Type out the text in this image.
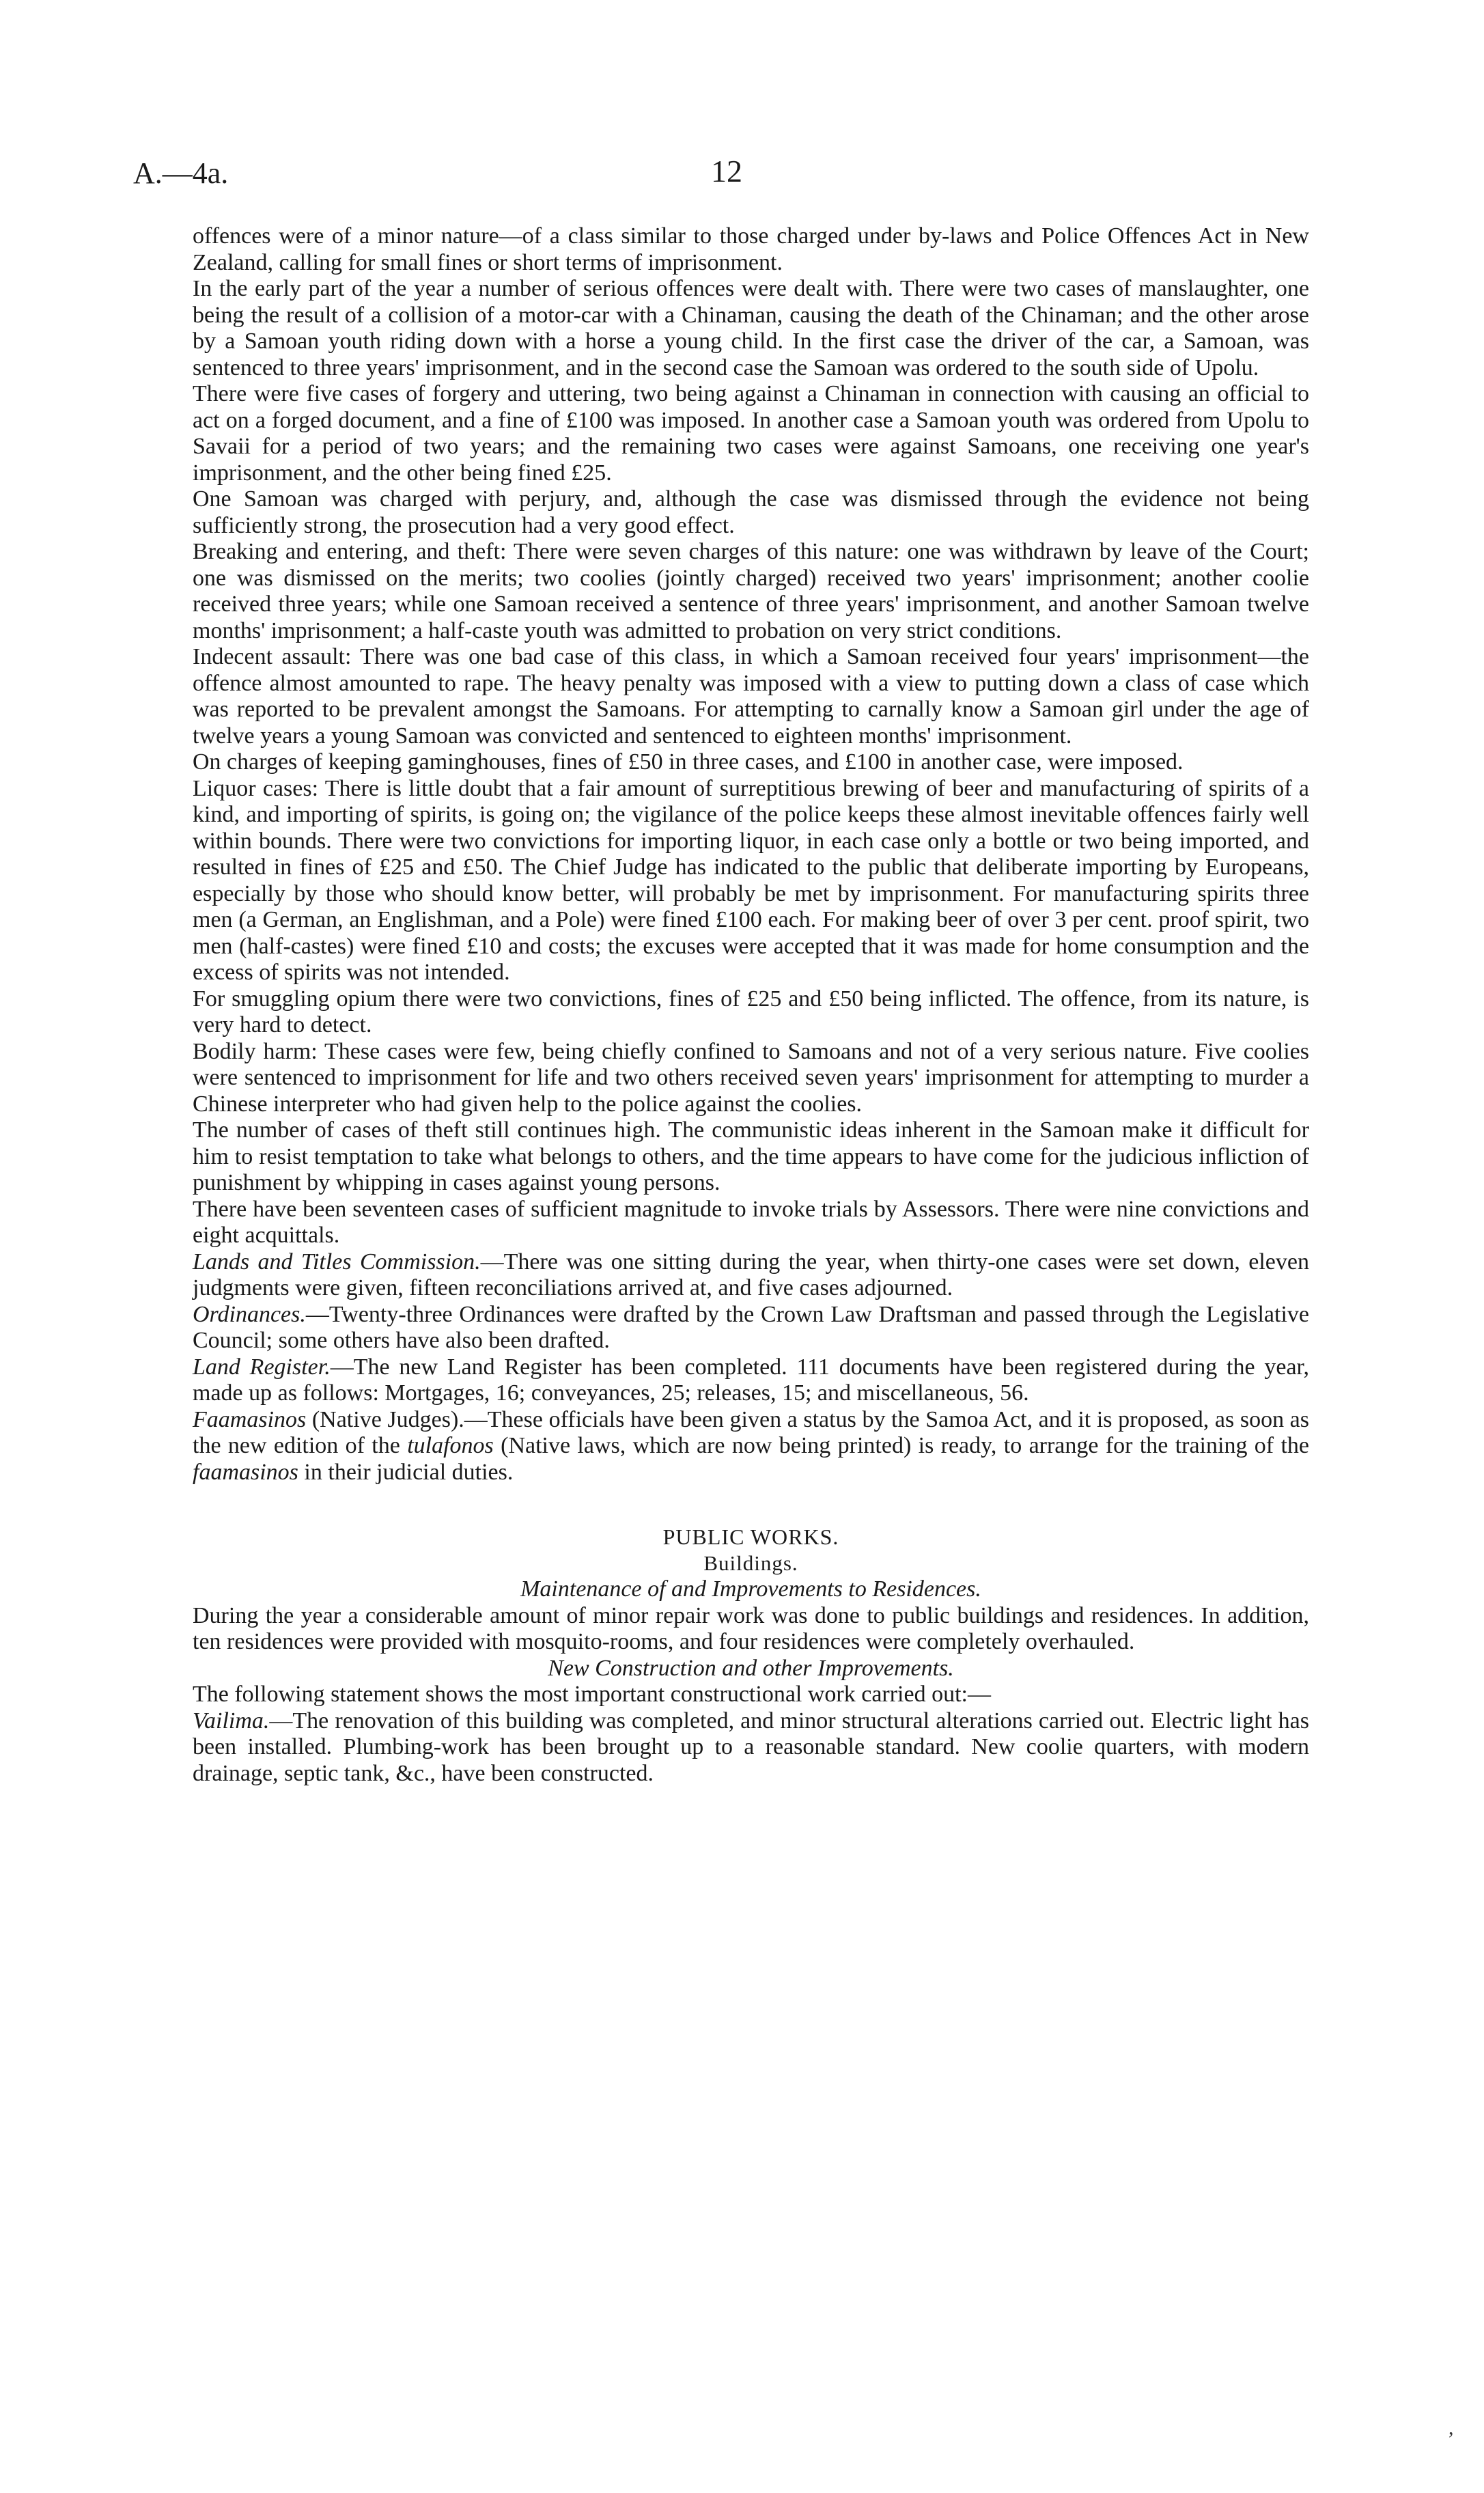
A.—4a.	12

offences were of a minor nature—of a class similar to those charged under by-laws and Police Offences Act in New Zealand, calling for small fines or short terms of imprisonment.

In the early part of the year a number of serious offences were dealt with. There were two cases of manslaughter, one being the result of a collision of a motor-car with a Chinaman, causing the death of the Chinaman; and the other arose by a Samoan youth riding down with a horse a young child. In the first case the driver of the car, a Samoan, was sentenced to three years' imprisonment, and in the second case the Samoan was ordered to the south side of Upolu.

There were five cases of forgery and uttering, two being against a Chinaman in connection with causing an official to act on a forged document, and a fine of £100 was imposed. In another case a Samoan youth was ordered from Upolu to Savaii for a period of two years; and the remaining two cases were against Samoans, one receiving one year's imprisonment, and the other being fined £25.

One Samoan was charged with perjury, and, although the case was dismissed through the evidence not being sufficiently strong, the prosecution had a very good effect.

Breaking and entering, and theft: There were seven charges of this nature: one was withdrawn by leave of the Court; one was dismissed on the merits; two coolies (jointly charged) received two years' imprisonment; another coolie received three years; while one Samoan received a sentence of three years' imprisonment, and another Samoan twelve months' imprisonment; a half-caste youth was admitted to probation on very strict conditions.

Indecent assault: There was one bad case of this class, in which a Samoan received four years' imprisonment—the offence almost amounted to rape. The heavy penalty was imposed with a view to putting down a class of case which was reported to be prevalent amongst the Samoans. For attempting to carnally know a Samoan girl under the age of twelve years a young Samoan was convicted and sentenced to eighteen months' imprisonment.

On charges of keeping gaminghouses, fines of £50 in three cases, and £100 in another case, were imposed.

Liquor cases: There is little doubt that a fair amount of surreptitious brewing of beer and manufacturing of spirits of a kind, and importing of spirits, is going on; the vigilance of the police keeps these almost inevitable offences fairly well within bounds. There were two convictions for importing liquor, in each case only a bottle or two being imported, and resulted in fines of £25 and £50. The Chief Judge has indicated to the public that deliberate importing by Europeans, especially by those who should know better, will probably be met by imprisonment. For manufacturing spirits three men (a German, an Englishman, and a Pole) were fined £100 each. For making beer of over 3 per cent. proof spirit, two men (half-castes) were fined £10 and costs; the excuses were accepted that it was made for home consumption and the excess of spirits was not intended.

For smuggling opium there were two convictions, fines of £25 and £50 being inflicted. The offence, from its nature, is very hard to detect.

Bodily harm: These cases were few, being chiefly confined to Samoans and not of a very serious nature. Five coolies were sentenced to imprisonment for life and two others received seven years' imprisonment for attempting to murder a Chinese interpreter who had given help to the police against the coolies.

The number of cases of theft still continues high. The communistic ideas inherent in the Samoan make it difficult for him to resist temptation to take what belongs to others, and the time appears to have come for the judicious infliction of punishment by whipping in cases against young persons.

There have been seventeen cases of sufficient magnitude to invoke trials by Assessors. There were nine convictions and eight acquittals.

Lands and Titles Commission.—There was one sitting during the year, when thirty-one cases were set down, eleven judgments were given, fifteen reconciliations arrived at, and five cases adjourned.

Ordinances.—Twenty-three Ordinances were drafted by the Crown Law Draftsman and passed through the Legislative Council; some others have also been drafted.

Land Register.—The new Land Register has been completed. 111 documents have been registered during the year, made up as follows: Mortgages, 16; conveyances, 25; releases, 15; and miscellaneous, 56.

Faamasinos (Native Judges).—These officials have been given a status by the Samoa Act, and it is proposed, as soon as the new edition of the tulafonos (Native laws, which are now being printed) is ready, to arrange for the training of the faamasinos in their judicial duties.

PUBLIC WORKS.

Buildings.

Maintenance of and Improvements to Residences.

During the year a considerable amount of minor repair work was done to public buildings and residences. In addition, ten residences were provided with mosquito-rooms, and four residences were completely overhauled.

New Construction and other Improvements.

The following statement shows the most important constructional work carried out:—

Vailima.—The renovation of this building was completed, and minor structural alterations carried out. Electric light has been installed. Plumbing-work has been brought up to a reasonable standard. New coolie quarters, with modern drainage, septic tank, &c., have been constructed.

,
